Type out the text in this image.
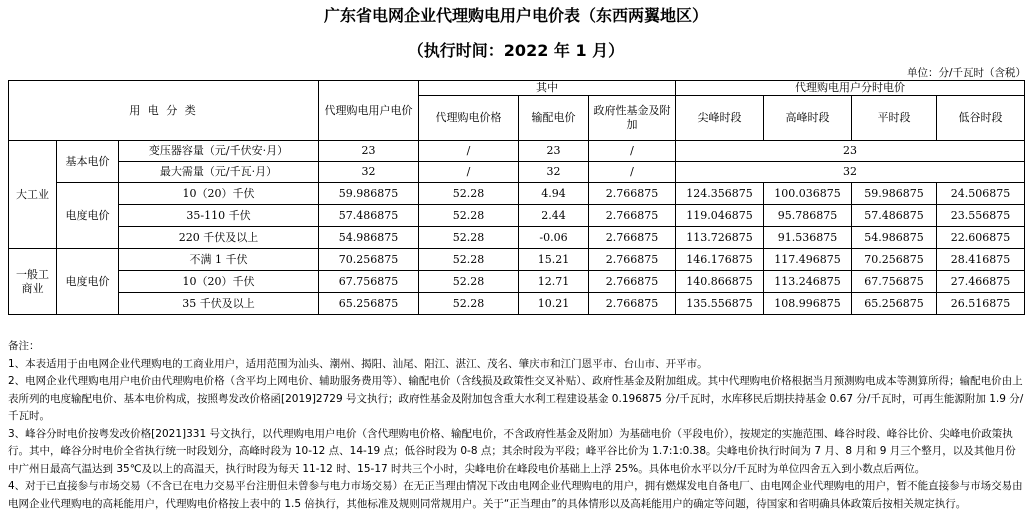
广东省电网企业代理购电用户电价表（东西两翼地区）
（执行时间：2022 年 1 月）
单位：分/千瓦时（含税）
用 电 分 类			代理购电用户电价	其中			代理购电用户分时电价			
				代理购电价格	输配电价	政府性基金及附加	尖峰时段	高峰时段	平时段	低谷时段
大工业	基本电价	变压器容量（元/千伏安·月）	23	/	23	/	23			
		最大需量（元/千瓦·月）	32	/	32	/	32			
	电度电价	10（20）千伏	59.986875	52.28	4.94	2.766875	124.356875	100.036875	59.986875	24.506875
		35-110 千伏	57.486875	52.28	2.44	2.766875	119.046875	95.786875	57.486875	23.556875
		220 千伏及以上	54.986875	52.28	-0.06	2.766875	113.726875	91.536875	54.986875	22.606875
一般工商业	电度电价	不满 1 千伏	70.256875	52.28	15.21	2.766875	146.176875	117.496875	70.256875	28.416875
		10（20）千伏	67.756875	52.28	12.71	2.766875	140.866875	113.246875	67.756875	27.466875
		35 千伏及以上	65.256875	52.28	10.21	2.766875	135.556875	108.996875	65.256875	26.516875

备注：

1、本表适用于由电网企业代理购电的工商业用户，适用范围为汕头、潮州、揭阳、汕尾、阳江、湛江、茂名、肇庆市和江门恩平市、台山市、开平市。

2、电网企业代理购电用户电价由代理购电价格（含平均上网电价、辅助服务费用等）、输配电价（含线损及政策性交叉补贴）、政府性基金及附加组成。其中代理购电价格根据当月预测购电成本等测算所得；输配电价由上表所列的电度输配电价、基本电价构成，按照粤发改价格函[2019]2729 号文执行；政府性基金及附加包含重大水利工程建设基金 0.196875 分/千瓦时，水库移民后期扶持基金 0.67 分/千瓦时，可再生能源附加 1.9 分/千瓦时。

3、峰谷分时电价按粤发改价格[2021]331 号文执行，以代理购电用户电价（含代理购电价格、输配电价，不含政府性基金及附加）为基础电价（平段电价），按规定的实施范围、峰谷时段、峰谷比价、尖峰电价政策执行。其中，峰谷分时电价全省执行统一时段划分，高峰时段为 10-12 点、14-19 点；低谷时段为 0-8 点；其余时段为平段；峰平谷比价为 1.7:1:0.38。尖峰电价执行时间为 7 月、8 月和 9 月三个整月，以及其他月份中广州日最高气温达到 35℃及以上的高温天，执行时段为每天 11-12 时、15-17 时共三个小时，尖峰电价在峰段电价基础上上浮 25%。具体电价水平以分/千瓦时为单位四舍五入到小数点后两位。

4、对于已直接参与市场交易（不含已在电力交易平台注册但未曾参与电力市场交易）在无正当理由情况下改由电网企业代理购电的用户，拥有燃煤发电自备电厂、由电网企业代理购电的用户，暂不能直接参与市场交易由电网企业代理购电的高耗能用户，代理购电价格按上表中的 1.5 倍执行，其他标准及规则同常规用户。关于“正当理由”的具体情形以及高耗能用户的确定等问题，待国家和省明确具体政策后按相关规定执行。
